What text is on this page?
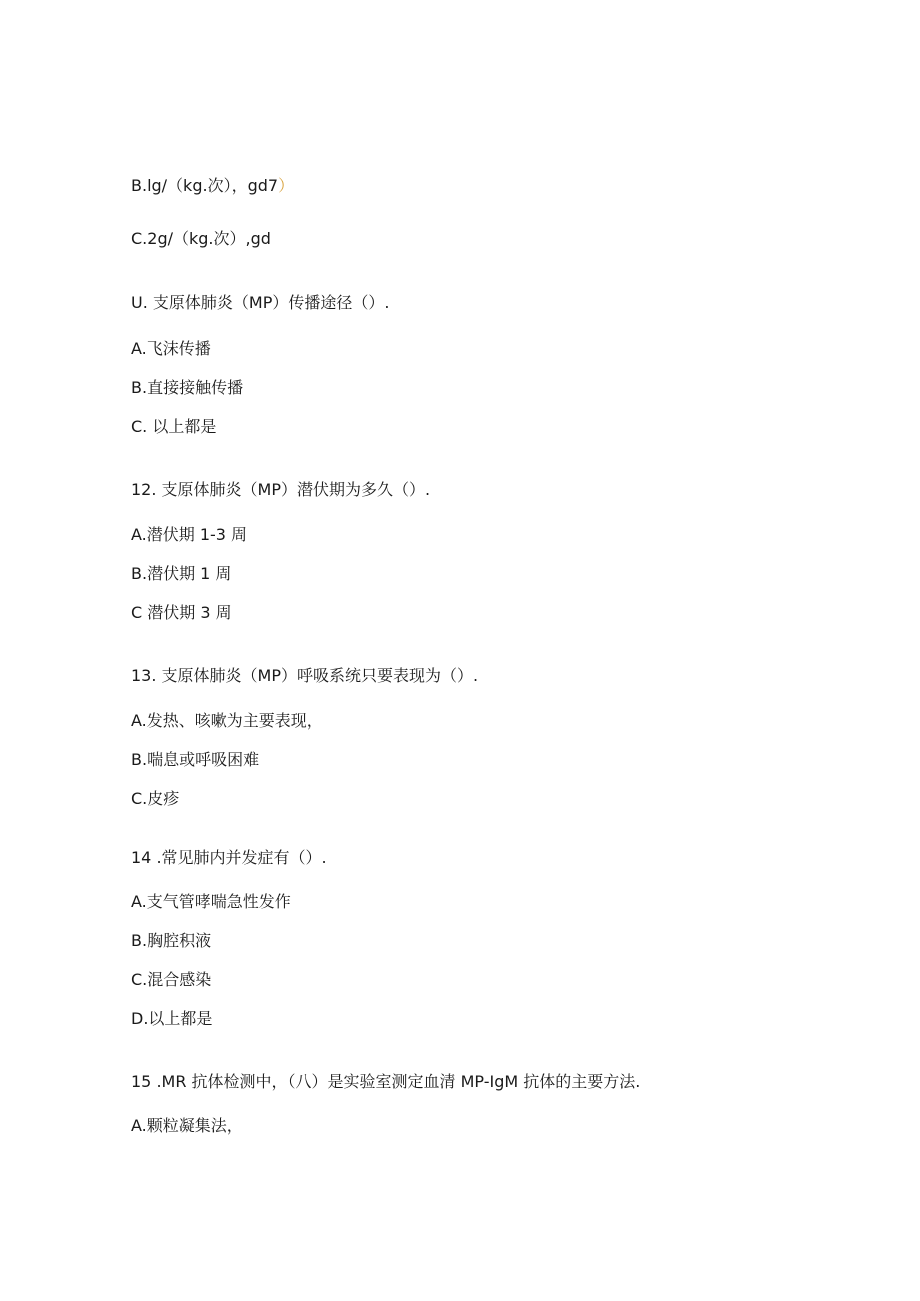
B.lg∕（kg.次），gd7）

C.2g∕（kg.次）,gd

U. 支原体肺炎（MP）传播途径（）.

A.飞沫传播

B.直接接触传播

C. 以上都是

12. 支原体肺炎（MP）潜伏期为多久（）.

A.潜伏期 1-3 周

B.潜伏期 1 周

C 潜伏期 3 周

13. 支原体肺炎（MP）呼吸系统只要表现为（）.

A.发热、咳嗽为主要表现，

B.喘息或呼吸困难

C.皮疹

14 .常见肺内并发症有（）.

A.支气管哮喘急性发作

B.胸腔积液

C.混合感染

D.以上都是

15 .MR 抗体检测中，（八）是实验室测定血清 MP-IgM 抗体的主要方法.

A.颗粒凝集法，
